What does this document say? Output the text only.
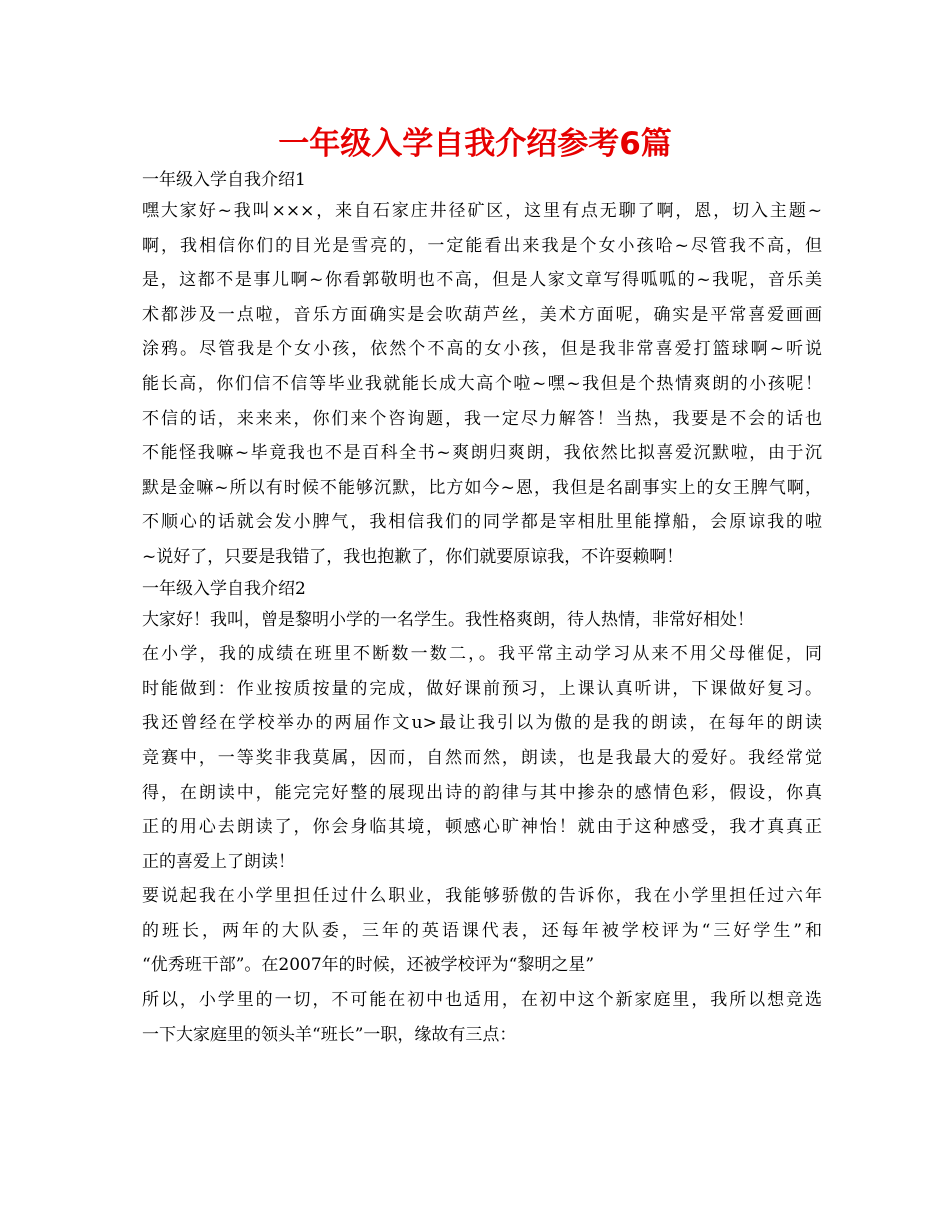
一年级入学自我介绍参考6篇
一年级入学自我介绍1
嘿大家好~我叫×××，来自石家庄井径矿区，这里有点无聊了啊，恩，切入主题~
啊，我相信你们的目光是雪亮的，一定能看出来我是个女小孩哈~尽管我不高，但
是，这都不是事儿啊~你看郭敬明也不高，但是人家文章写得呱呱的~我呢，音乐美
术都涉及一点啦，音乐方面确实是会吹葫芦丝，美术方面呢，确实是平常喜爱画画
涂鸦。尽管我是个女小孩，依然个不高的女小孩，但是我非常喜爱打篮球啊~听说
能长高，你们信不信等毕业我就能长成大高个啦~嘿~我但是个热情爽朗的小孩呢！
不信的话，来来来，你们来个咨询题，我一定尽力解答！当热，我要是不会的话也
不能怪我嘛~毕竟我也不是百科全书~爽朗归爽朗，我依然比拟喜爱沉默啦，由于沉
默是金嘛~所以有时候不能够沉默，比方如今~恩，我但是名副事实上的女王脾气啊，
不顺心的话就会发小脾气，我相信我们的同学都是宰相肚里能撑船，会原谅我的啦
~说好了，只要是我错了，我也抱歉了，你们就要原谅我，不许耍赖啊！
一年级入学自我介绍2
大家好！我叫，曾是黎明小学的一名学生。我性格爽朗，待人热情，非常好相处！
在小学，我的成绩在班里不断数一数二，。我平常主动学习从来不用父母催促，同
时能做到：作业按质按量的完成，做好课前预习，上课认真听讲，下课做好复习。
我还曾经在学校举办的两届作文u>最让我引以为傲的是我的朗读，在每年的朗读
竞赛中，一等奖非我莫属，因而，自然而然，朗读，也是我最大的爱好。我经常觉
得，在朗读中，能完完好整的展现出诗的韵律与其中掺杂的感情色彩，假设，你真
正的用心去朗读了，你会身临其境，顿感心旷神怡！就由于这种感受，我才真真正
正的喜爱上了朗读！
要说起我在小学里担任过什么职业，我能够骄傲的告诉你，我在小学里担任过六年
的班长，两年的大队委，三年的英语课代表，还每年被学校评为“三好学生”和
“优秀班干部”。在2007年的时候，还被学校评为“黎明之星”
所以，小学里的一切，不可能在初中也适用，在初中这个新家庭里，我所以想竞选
一下大家庭里的领头羊“班长”一职，缘故有三点：
